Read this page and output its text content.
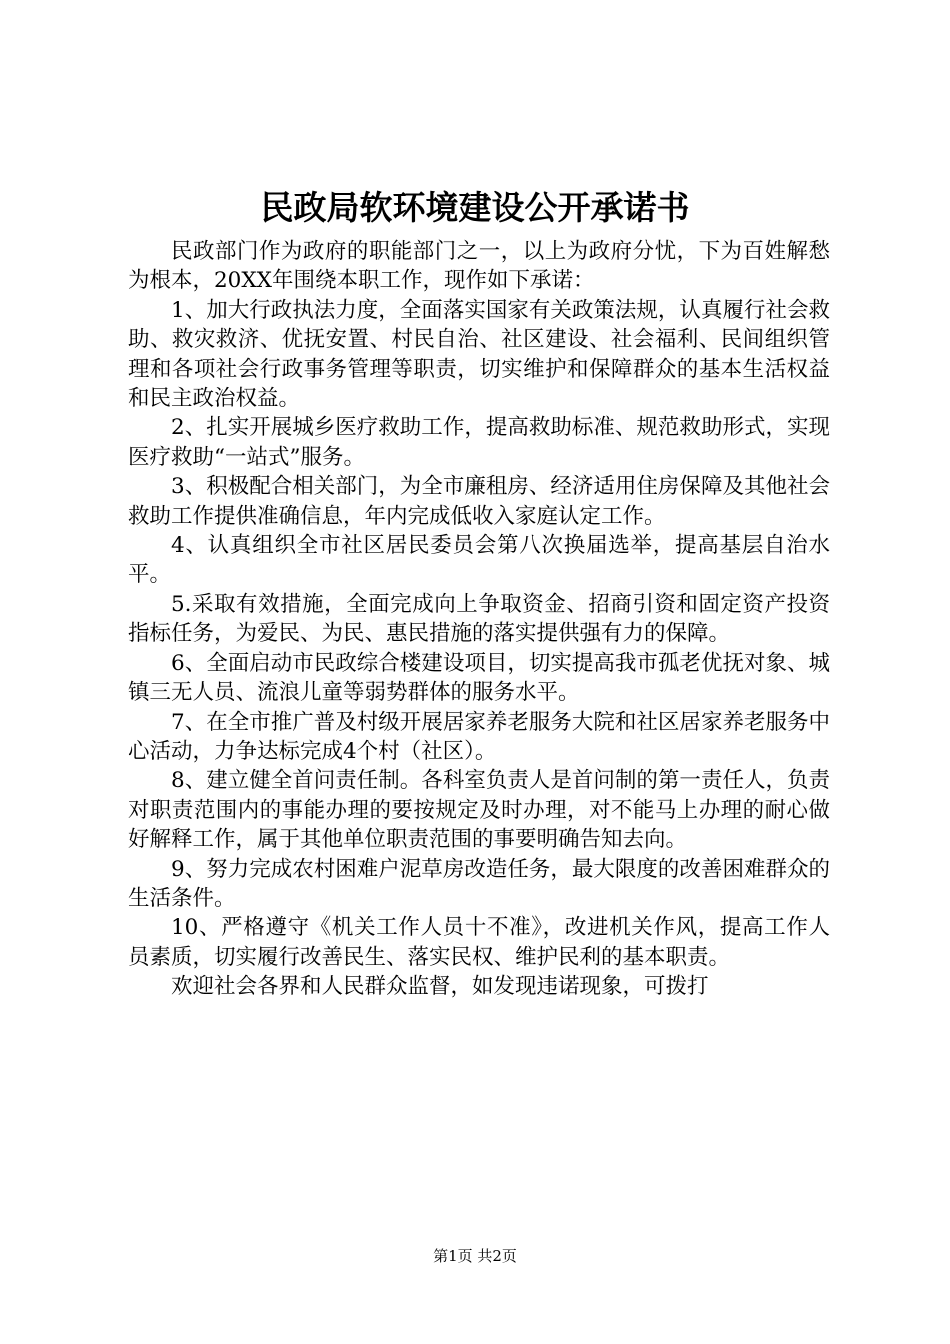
民政局软环境建设公开承诺书

民政部门作为政府的职能部门之一，以上为政府分忧，下为百姓解愁为根本，20XX年围绕本职工作，现作如下承诺：

1、加大行政执法力度，全面落实国家有关政策法规，认真履行社会救助、救灾救济、优抚安置、村民自治、社区建设、社会福利、民间组织管理和各项社会行政事务管理等职责，切实维护和保障群众的基本生活权益和民主政治权益。

2、扎实开展城乡医疗救助工作，提高救助标准、规范救助形式，实现医疗救助“一站式”服务。

3、积极配合相关部门，为全市廉租房、经济适用住房保障及其他社会救助工作提供准确信息，年内完成低收入家庭认定工作。

4、认真组织全市社区居民委员会第八次换届选举，提高基层自治水平。

5.采取有效措施，全面完成向上争取资金、招商引资和固定资产投资指标任务，为爱民、为民、惠民措施的落实提供强有力的保障。

6、全面启动市民政综合楼建设项目，切实提高我市孤老优抚对象、城镇三无人员、流浪儿童等弱势群体的服务水平。

7、在全市推广普及村级开展居家养老服务大院和社区居家养老服务中心活动，力争达标完成4个村（社区）。

8、建立健全首问责任制。各科室负责人是首问制的第一责任人，负责对职责范围内的事能办理的要按规定及时办理，对不能马上办理的耐心做好解释工作，属于其他单位职责范围的事要明确告知去向。

9、努力完成农村困难户泥草房改造任务，最大限度的改善困难群众的生活条件。

10、严格遵守《机关工作人员十不准》，改进机关作风，提高工作人员素质，切实履行改善民生、落实民权、维护民利的基本职责。

欢迎社会各界和人民群众监督，如发现违诺现象，可拨打

第1页 共2页
